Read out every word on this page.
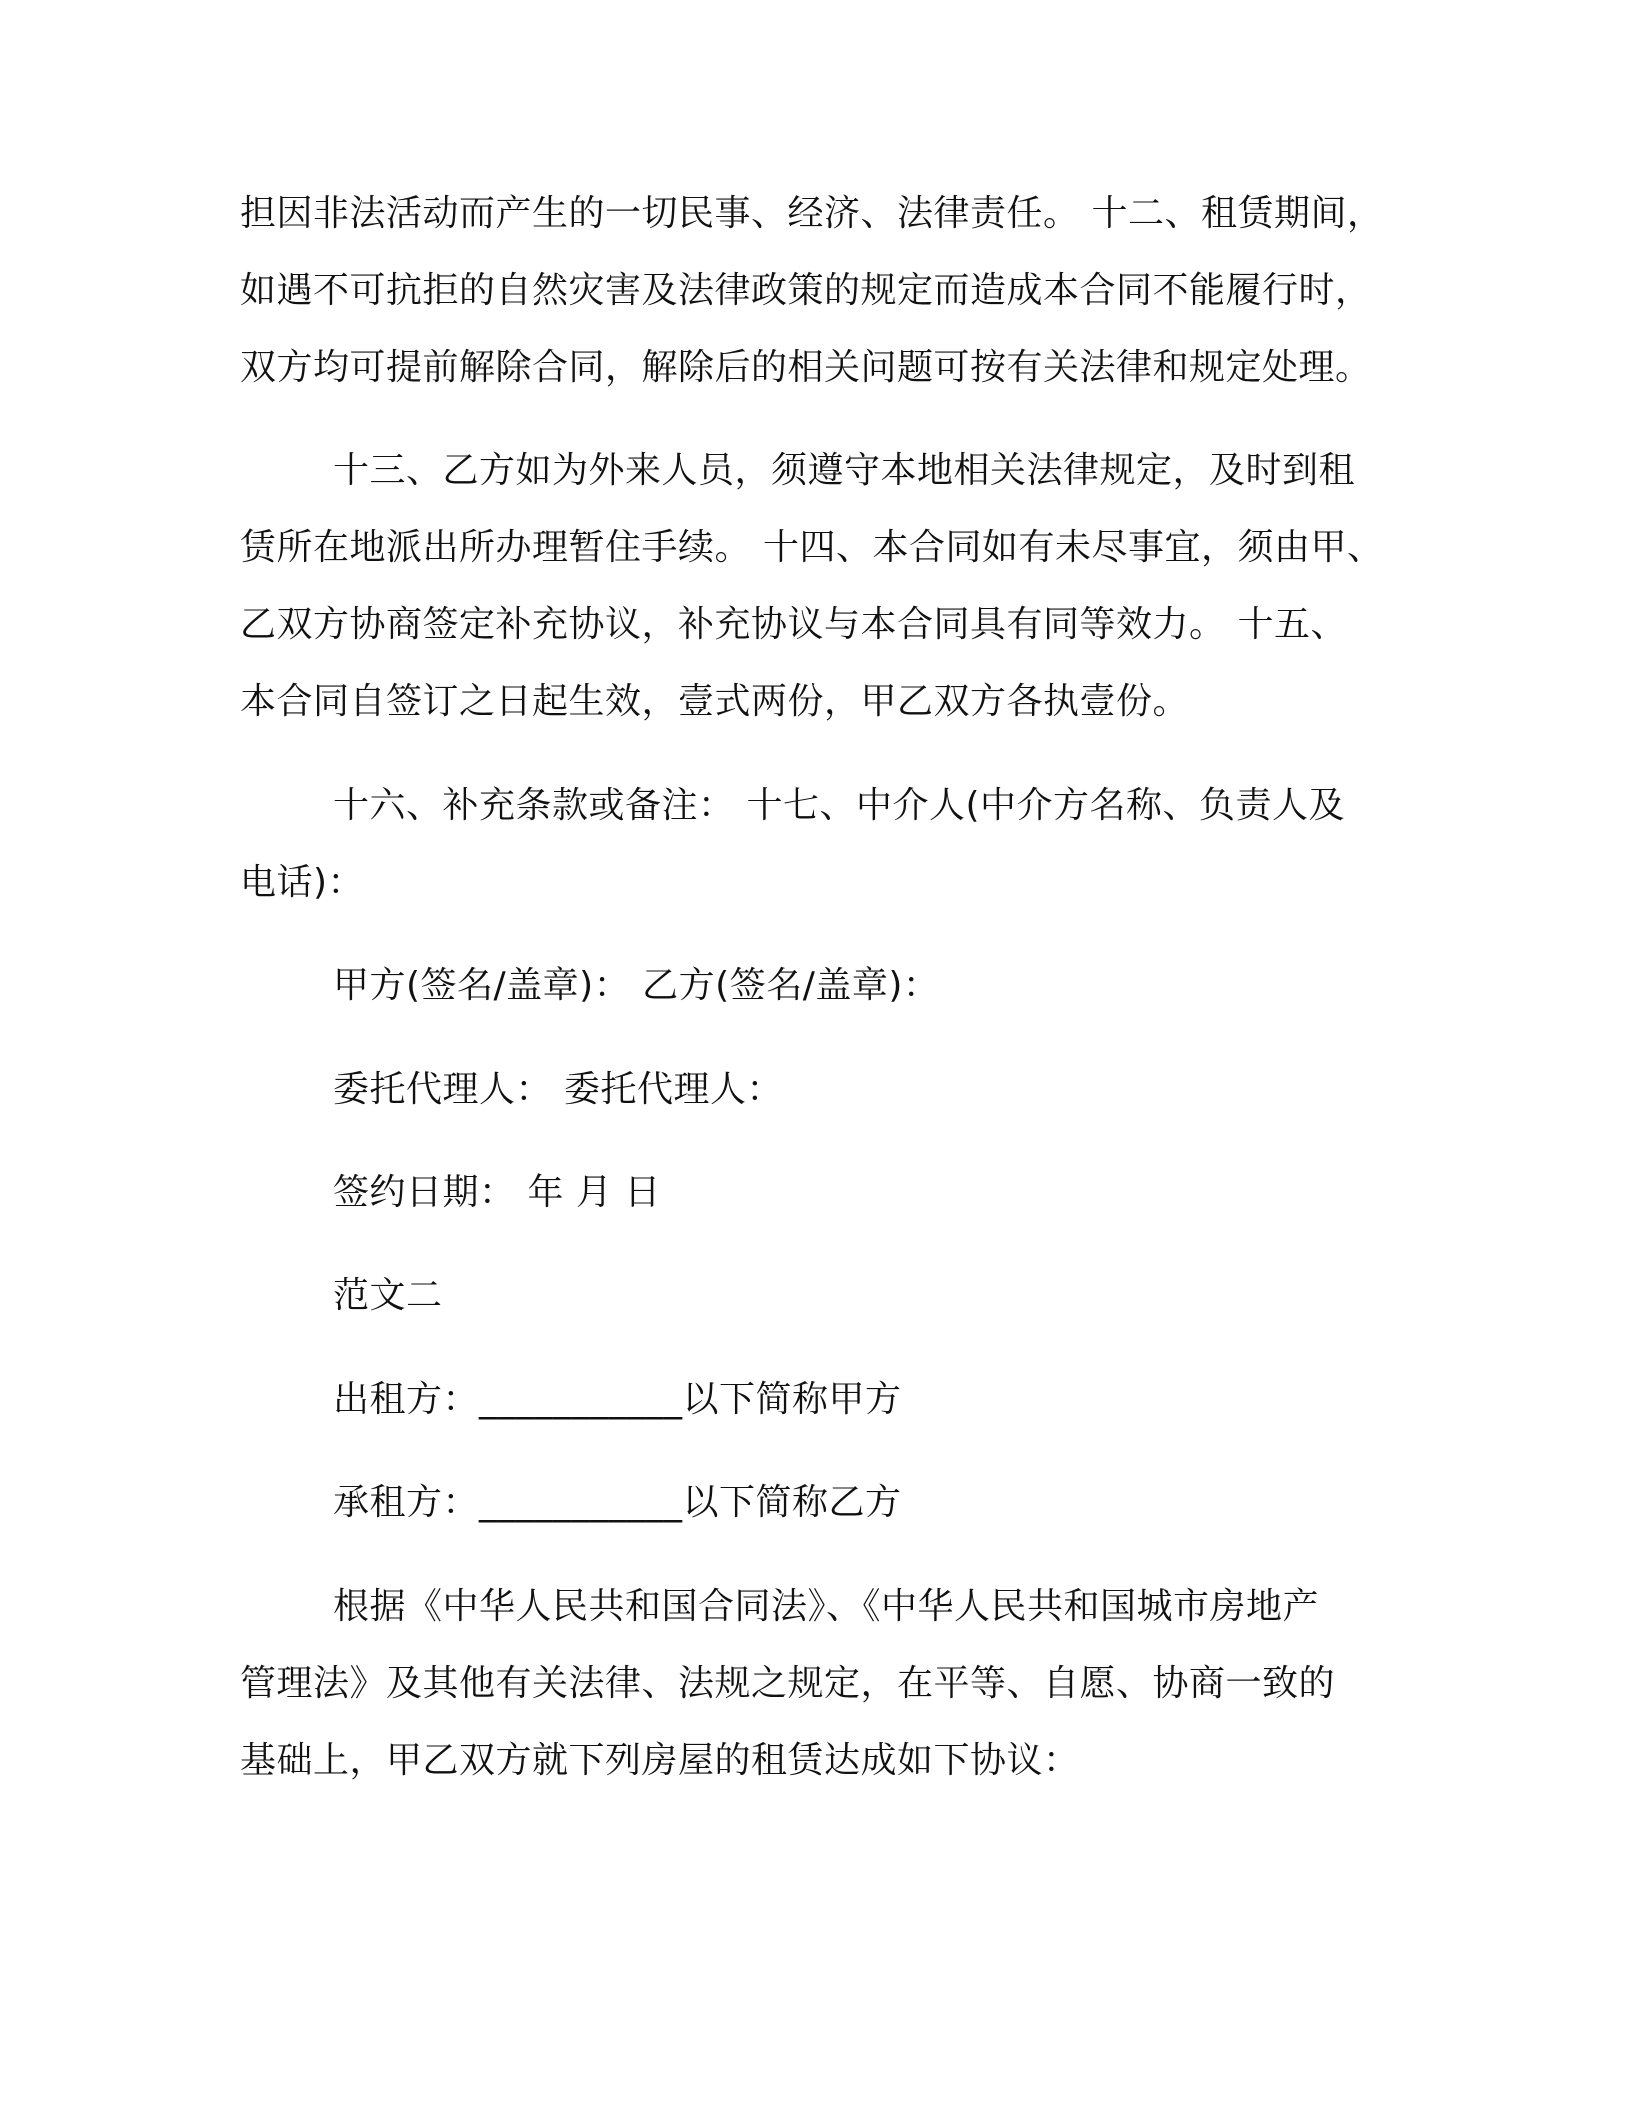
担因非法活动而产生的一切民事、经济、法律责任。 十二、租赁期间，
如遇不可抗拒的自然灾害及法律政策的规定而造成本合同不能履行时，
双方均可提前解除合同，解除后的相关问题可按有关法律和规定处理。
十三、乙方如为外来人员，须遵守本地相关法律规定，及时到租
赁所在地派出所办理暂住手续。 十四、本合同如有未尽事宜，须由甲、
乙双方协商签定补充协议，补充协议与本合同具有同等效力。 十五、
本合同自签订之日起生效，壹式两份，甲乙双方各执壹份。
十六、补充条款或备注： 十七、中介人(中介方名称、负责人及
电话)：
甲方(签名/盖章)： 乙方(签名/盖章)：
委托代理人： 委托代理人：
签约日期： 年 月 日
范文二
出租方：___________以下简称甲方
承租方：___________以下简称乙方
根据《中华人民共和国合同法》、《中华人民共和国城市房地产
管理法》及其他有关法律、法规之规定，在平等、自愿、协商一致的
基础上，甲乙双方就下列房屋的租赁达成如下协议：
